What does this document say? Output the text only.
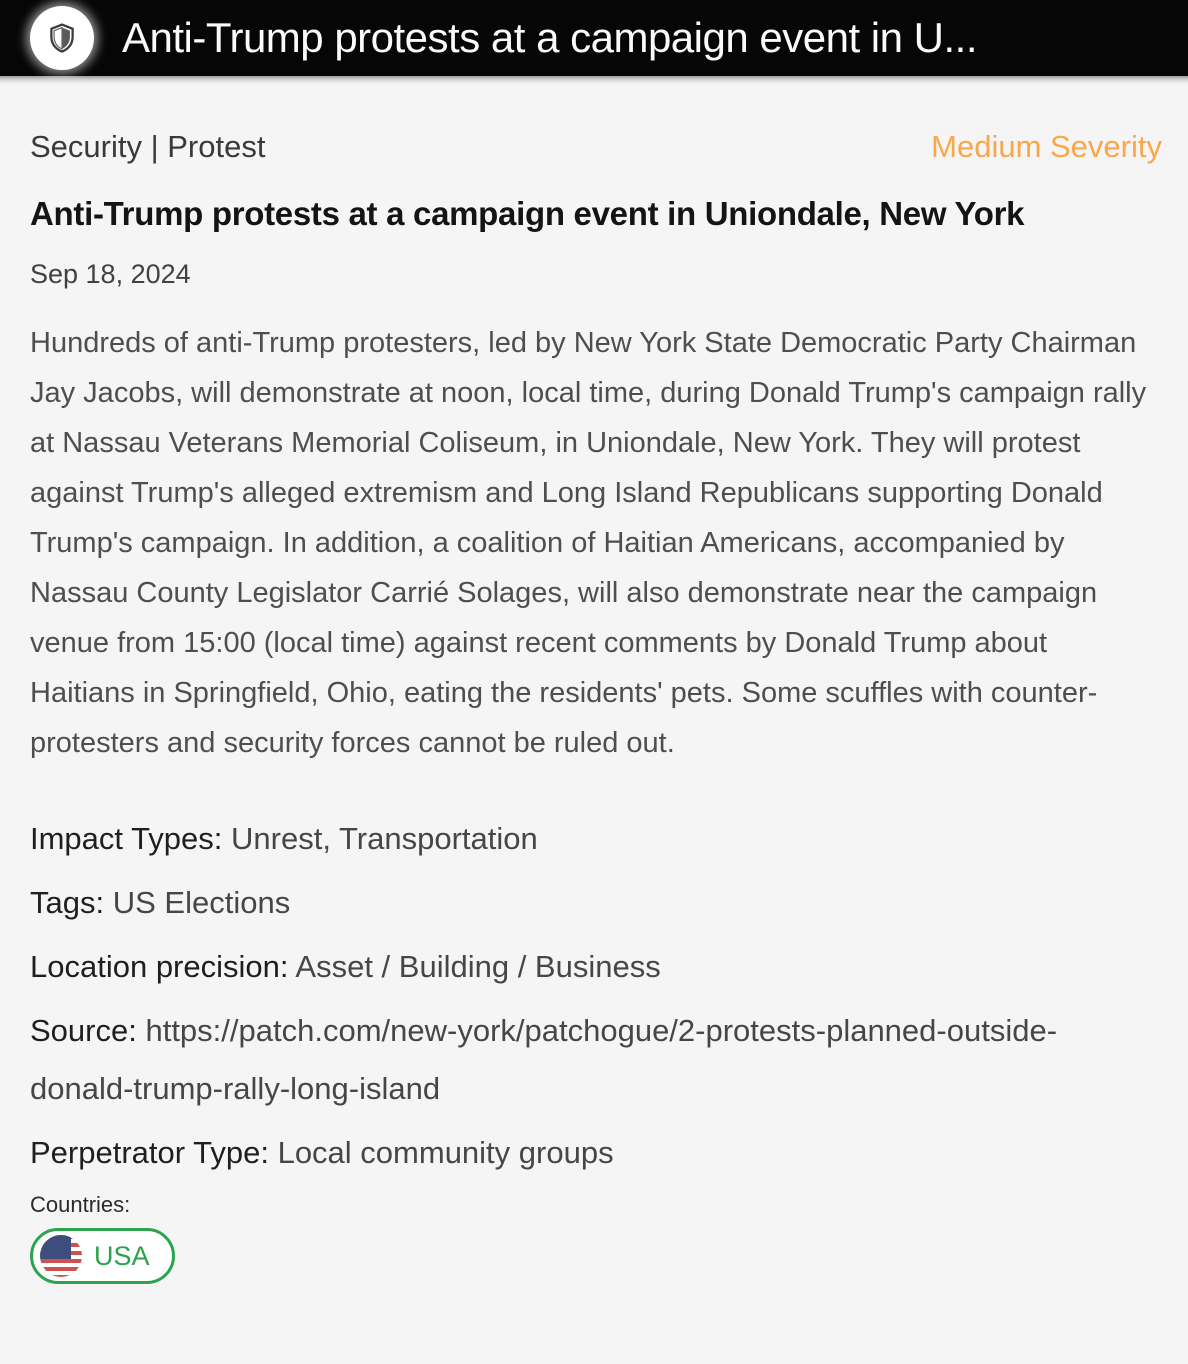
Anti-Trump protests at a campaign event in U...
Security | Protest	Medium Severity
Anti-Trump protests at a campaign event in Uniondale, New York
Sep 18, 2024
Hundreds of anti-Trump protesters, led by New York State Democratic Party Chairman Jay Jacobs, will demonstrate at noon, local time, during Donald Trump's campaign rally at Nassau Veterans Memorial Coliseum, in Uniondale, New York. They will protest against Trump's alleged extremism and Long Island Republicans supporting Donald Trump's campaign. In addition, a coalition of Haitian Americans, accompanied by Nassau County Legislator Carrié Solages, will also demonstrate near the campaign venue from 15:00 (local time) against recent comments by Donald Trump about Haitians in Springfield, Ohio, eating the residents' pets. Some scuffles with counter-protesters and security forces cannot be ruled out.
Impact Types: Unrest, Transportation
Tags: US Elections
Location precision: Asset / Building / Business
Source: https://patch.com/new-york/patchogue/2-protests-planned-outside-donald-trump-rally-long-island
Perpetrator Type: Local community groups
Countries:
USA
